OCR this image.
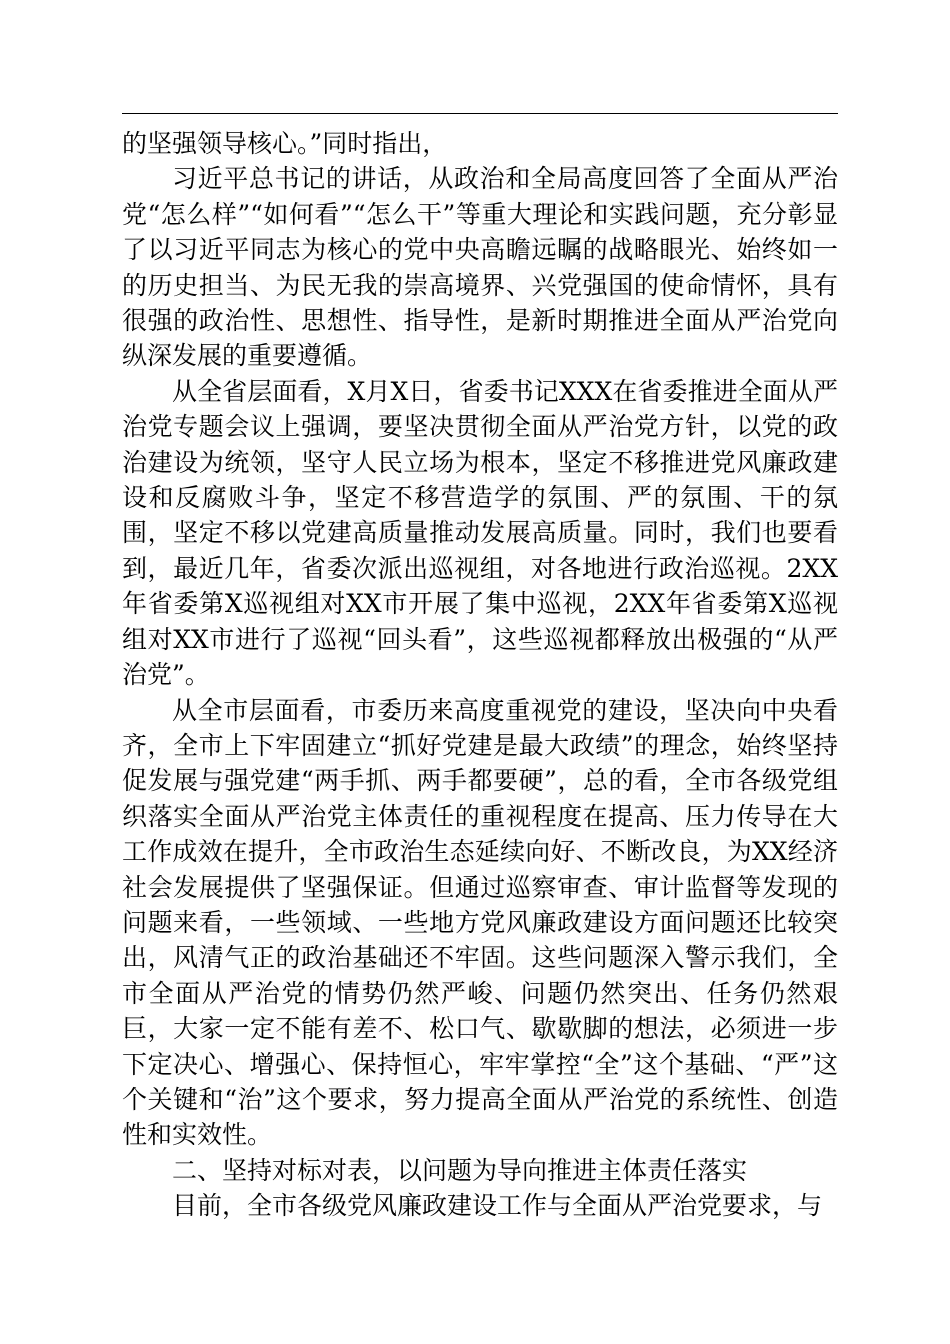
的坚强领导核心。”同时指出，

习近平总书记的讲话，从政治和全局高度回答了全面从严治党“怎么样”“如何看”“怎么干”等重大理论和实践问题，充分彰显了以习近平同志为核心的党中央高瞻远瞩的战略眼光、始终如一的历史担当、为民无我的崇高境界、兴党强国的使命情怀，具有很强的政治性、思想性、指导性，是新时期推进全面从严治党向纵深发展的重要遵循。

从全省层面看，X月X日，省委书记XXX在省委推进全面从严治党专题会议上强调，要坚决贯彻全面从严治党方针，以党的政治建设为统领，坚守人民立场为根本，坚定不移推进党风廉政建设和反腐败斗争，坚定不移营造学的氛围、严的氛围、干的氛围，坚定不移以党建高质量推动发展高质量。同时，我们也要看到，最近几年，省委次派出巡视组，对各地进行政治巡视。2XX年省委第X巡视组对XX市开展了集中巡视，2XX年省委第X巡视组对XX市进行了巡视“回头看”，这些巡视都释放出极强的“从严治党”。

从全市层面看，市委历来高度重视党的建设，坚决向中央看齐，全市上下牢固建立“抓好党建是最大政绩”的理念，始终坚持促发展与强党建“两手抓、两手都要硬”，总的看，全市各级党组织落实全面从严治党主体责任的重视程度在提高、压力传导在大工作成效在提升，全市政治生态延续向好、不断改良，为XX经济社会发展提供了坚强保证。但通过巡察审查、审计监督等发现的问题来看，一些领域、一些地方党风廉政建设方面问题还比较突出，风清气正的政治基础还不牢固。这些问题深入警示我们，全市全面从严治党的情势仍然严峻、问题仍然突出、任务仍然艰巨，大家一定不能有差不、松口气、歇歇脚的想法，必须进一步下定决心、增强心、保持恒心，牢牢掌控“全”这个基础、“严”这个关键和“治”这个要求，努力提高全面从严治党的系统性、创造性和实效性。

二、坚持对标对表，以问题为导向推进主体责任落实

目前，全市各级党风廉政建设工作与全面从严治党要求，与
